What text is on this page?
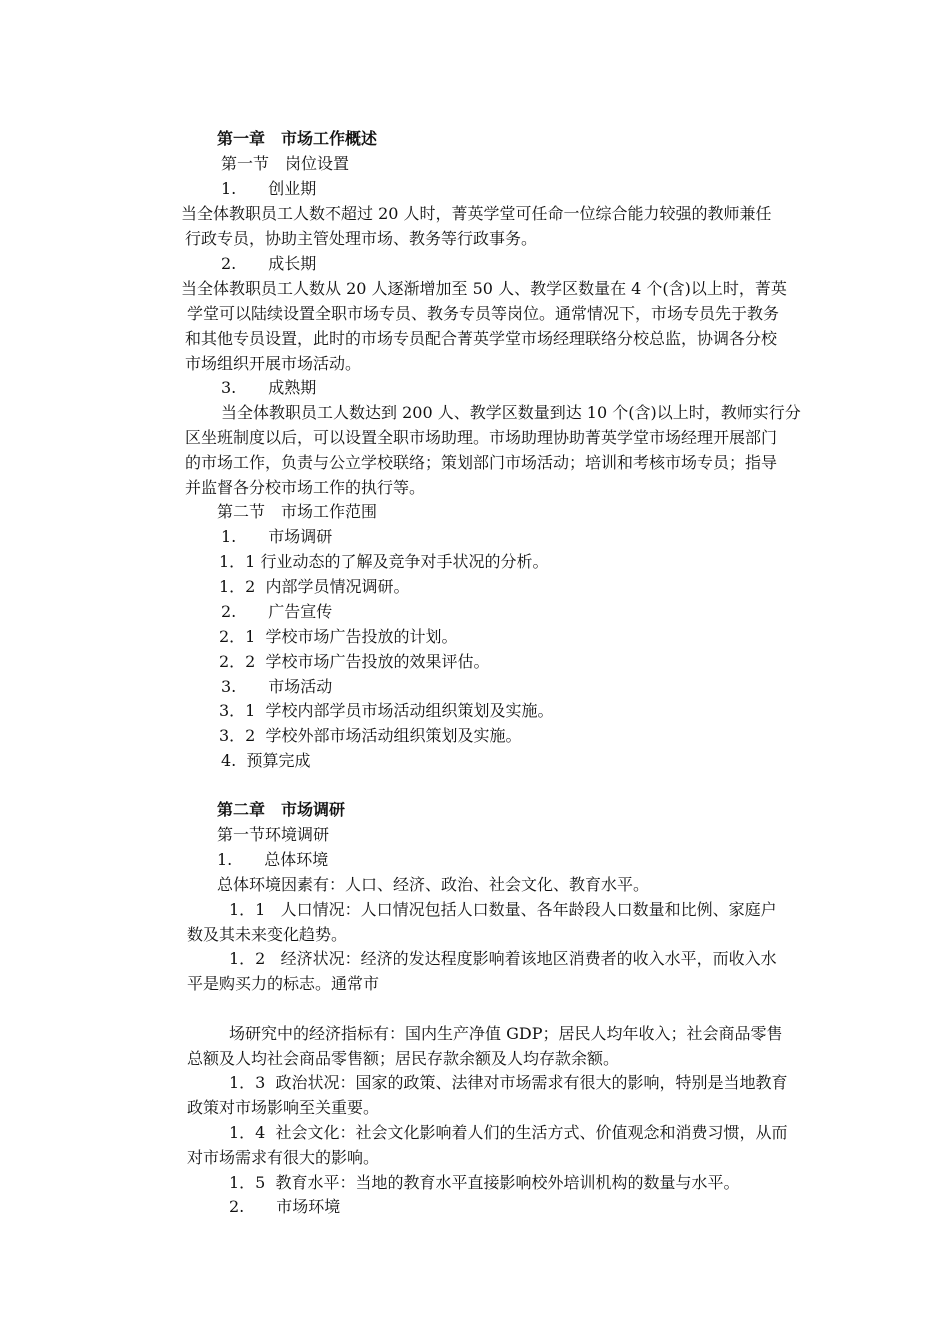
第一章　市场工作概述
第一节　岗位设置
1.　　创业期
当全体教职员工人数不超过 20 人时，菁英学堂可任命一位综合能力较强的教师兼任
行政专员，协助主管处理市场、教务等行政事务。
2.　　成长期
当全体教职员工人数从 20 人逐渐增加至 50 人、教学区数量在 4 个(含)以上时，菁英
学堂可以陆续设置全职市场专员、教务专员等岗位。通常情况下，市场专员先于教务
和其他专员设置，此时的市场专员配合菁英学堂市场经理联络分校总监，协调各分校
市场组织开展市场活动。
3.　　成熟期
当全体教职员工人数达到 200 人、教学区数量到达 10 个(含)以上时，教师实行分
区坐班制度以后，可以设置全职市场助理。市场助理协助菁英学堂市场经理开展部门
的市场工作，负责与公立学校联络；策划部门市场活动；培训和考核市场专员；指导
并监督各分校市场工作的执行等。
第二节　市场工作范围
1.　　市场调研
1．1 行业动态的了解及竞争对手状况的分析。
1．2  内部学员情况调研。
2.　　广告宣传
2．1  学校市场广告投放的计划。
2．2  学校市场广告投放的效果评估。
3.　　市场活动
3．1  学校内部学员市场活动组织策划及实施。
3．2  学校外部市场活动组织策划及实施。
4.  预算完成
第二章　市场调研
第一节环境调研
1.　　总体环境
总体环境因素有：人口、经济、政治、社会文化、教育水平。
1．1   人口情况：人口情况包括人口数量、各年龄段人口数量和比例、家庭户
数及其未来变化趋势。
1．2   经济状况：经济的发达程度影响着该地区消费者的收入水平，而收入水
平是购买力的标志。通常市
场研究中的经济指标有：国内生产净值 GDP；居民人均年收入；社会商品零售
总额及人均社会商品零售额；居民存款余额及人均存款余额。
1．3  政治状况：国家的政策、法律对市场需求有很大的影响，特别是当地教育
政策对市场影响至关重要。
1．4  社会文化：社会文化影响着人们的生活方式、价值观念和消费习惯，从而
对市场需求有很大的影响。
1．5  教育水平：当地的教育水平直接影响校外培训机构的数量与水平。
2.　　市场环境
